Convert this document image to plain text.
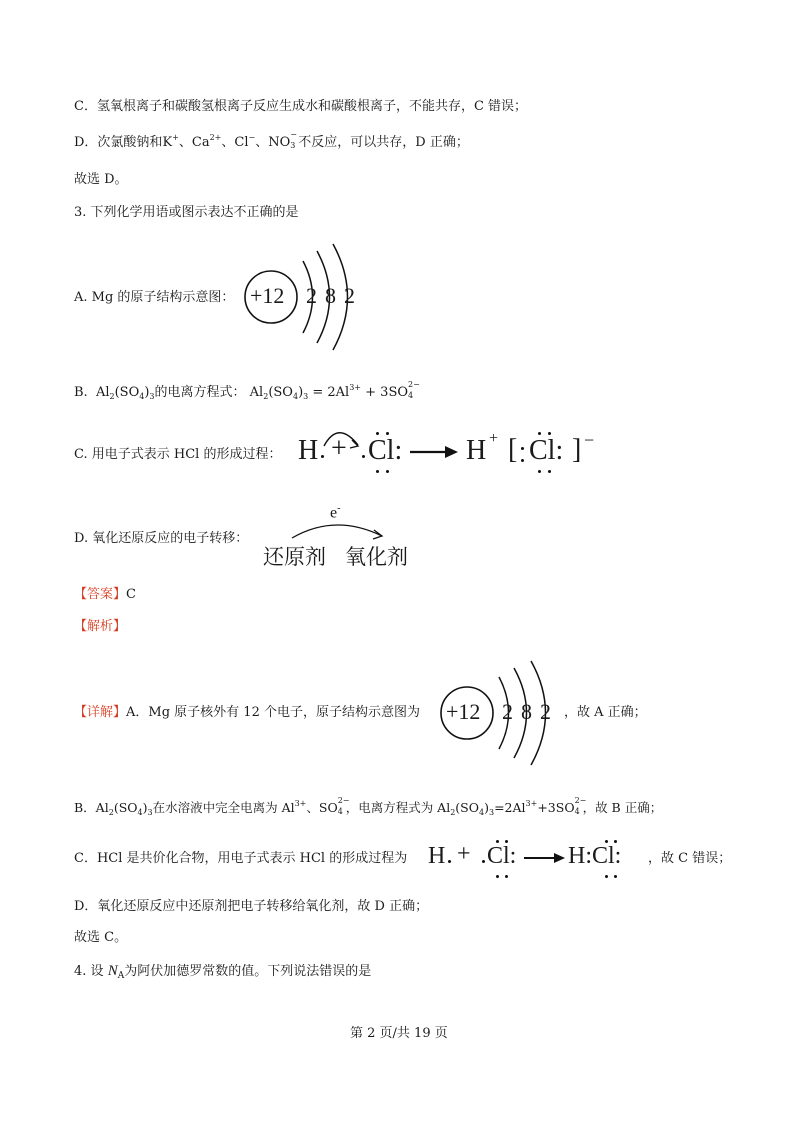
C．氢氧根离子和碳酸氢根离子反应生成水和碳酸根离子，不能共存，C 错误；
D．次氯酸钠和K+、$Ca^{2+}$、Cl−、NO
−
3 不反应，可以共存，D 正确；
故选 D。
3. 下列化学用语或图示表达不正确的是
A. Mg 的原子结构示意图： +12 2 8 2
B. $Al_2(SO_4)_3$的电离方程式： $Al_2(SO_4)_3 = 2Al^{3+} + 3SO$
2−
4
C. 用电子式表示 HCl 的形成过程： H + Cl: H + [ Cl: ] −
D. 氧化还原反应的电子转移：
e-
还原剂 氧化剂
【答案】C
【解析】
【详解】A．Mg 原子核外有 12 个电子，原子结构示意图为 +12 2 8 2 ，故 A 正确；
B．$Al_2(SO_4)_3$在水溶液中完全电离为 $Al^{3+}$、SO 2−
4 ，电离方程式为 $Al_2(SO_4)_3=2Al^{3+}+3SO$ 2−
4 ，故 B 正确；
C．HCl 是共价化合物，用电子式表示 HCl 的形成过程为 H + Cl: H:Cl: ，故 C 错误；
D．氧化还原反应中还原剂把电子转移给氧化剂，故 D 正确；
故选 C。
4. 设 $N_A$为阿伏加德罗常数的值。下列说法错误的是
第 2 页/共 19 页
